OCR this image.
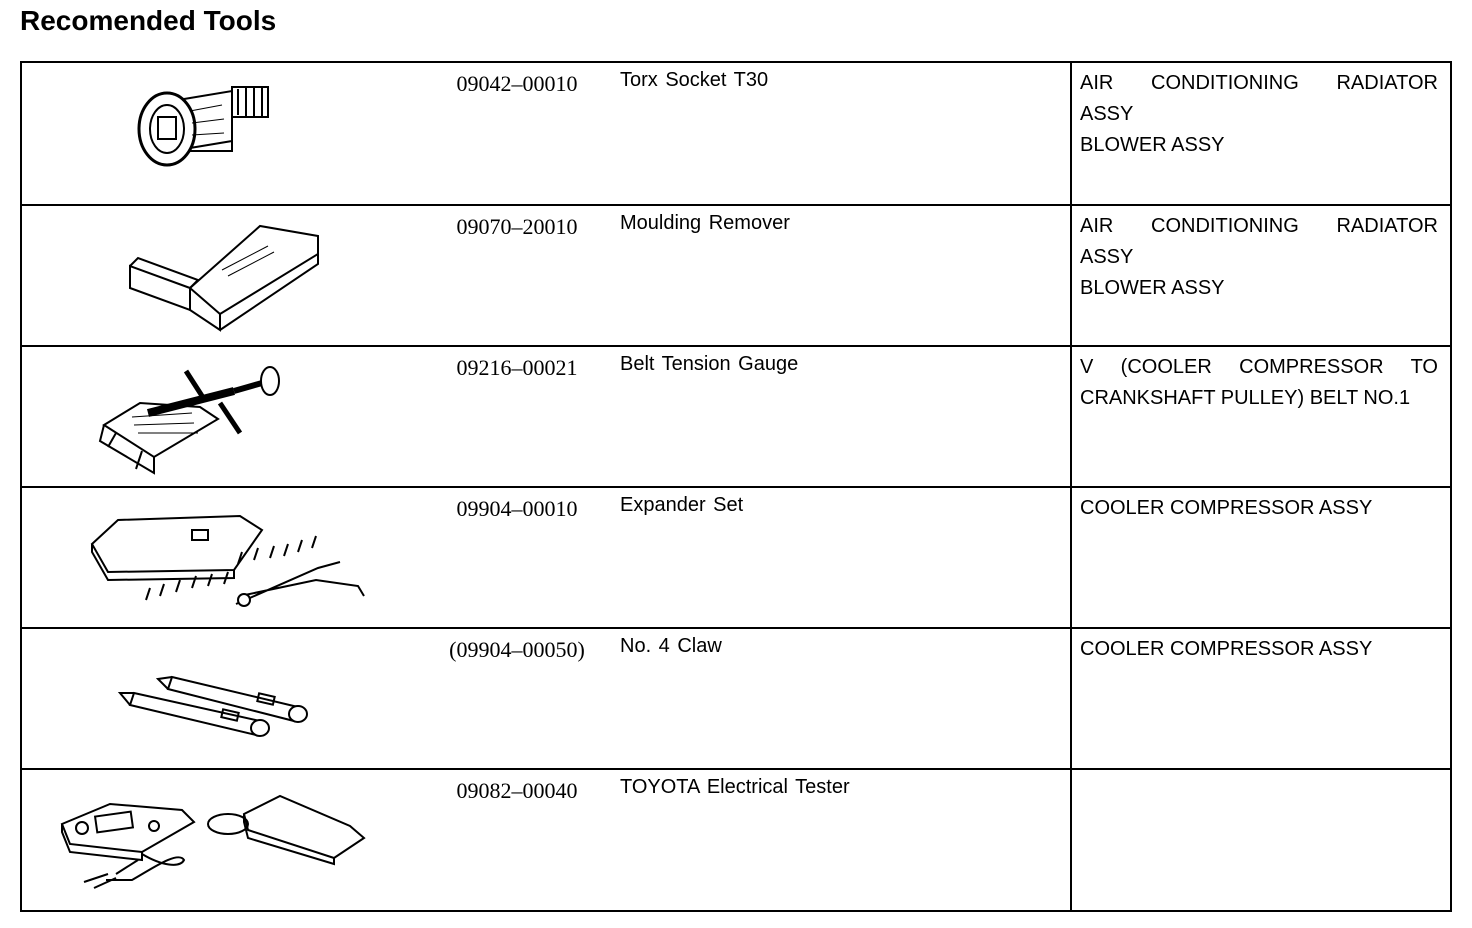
Recomended Tools
09042–00010	Torx Socket T30	AIR CONDITIONING RADIATOR
ASSY
BLOWER ASSY
09070–20010	Moulding Remover	AIR CONDITIONING RADIATOR
ASSY
BLOWER ASSY
09216–00021	Belt Tension Gauge	V (COOLER COMPRESSOR TO
CRANKSHAFT PULLEY) BELT NO.1
09904–00010	Expander Set	COOLER COMPRESSOR ASSY
(09904–00050)	No. 4 Claw	COOLER COMPRESSOR ASSY
09082–00040	TOYOTA Electrical Tester
